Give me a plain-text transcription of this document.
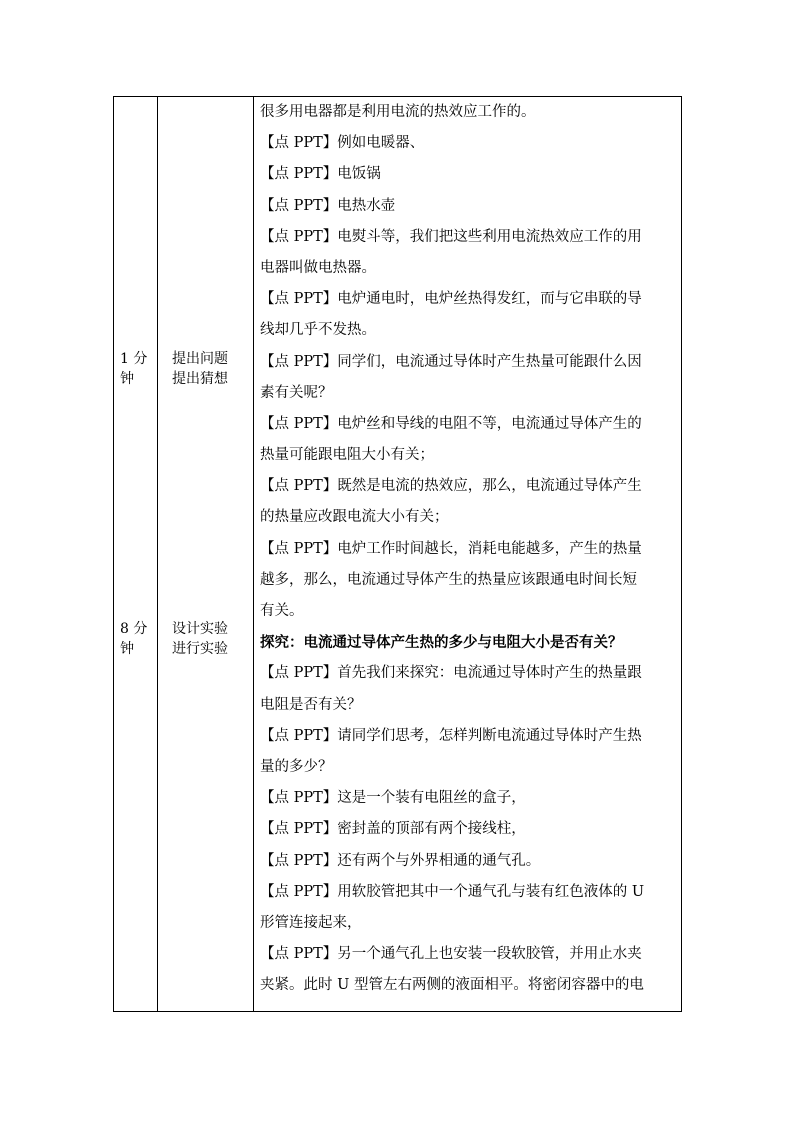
1 分
钟
提出问题
提出猜想
8 分
钟
设计实验
进行实验
很多用电器都是利用电流的热效应工作的。
【点 PPT】例如电暖器、
【点 PPT】电饭锅
【点 PPT】电热水壶
【点 PPT】电熨斗等，我们把这些利用电流热效应工作的用
电器叫做电热器。
【点 PPT】电炉通电时，电炉丝热得发红，而与它串联的导
线却几乎不发热。
【点 PPT】同学们，电流通过导体时产生热量可能跟什么因
素有关呢？
【点 PPT】电炉丝和导线的电阻不等，电流通过导体产生的
热量可能跟电阻大小有关；
【点 PPT】既然是电流的热效应，那么，电流通过导体产生
的热量应改跟电流大小有关；
【点 PPT】电炉工作时间越长，消耗电能越多，产生的热量
越多，那么，电流通过导体产生的热量应该跟通电时间长短
有关。
探究：电流通过导体产生热的多少与电阻大小是否有关？
【点 PPT】首先我们来探究：电流通过导体时产生的热量跟
电阻是否有关？
【点 PPT】请同学们思考，怎样判断电流通过导体时产生热
量的多少？
【点 PPT】这是一个装有电阻丝的盒子，
【点 PPT】密封盖的顶部有两个接线柱，
【点 PPT】还有两个与外界相通的通气孔。
【点 PPT】用软胶管把其中一个通气孔与装有红色液体的 U
形管连接起来，
【点 PPT】另一个通气孔上也安装一段软胶管，并用止水夹
夹紧。此时 U 型管左右两侧的液面相平。将密闭容器中的电
